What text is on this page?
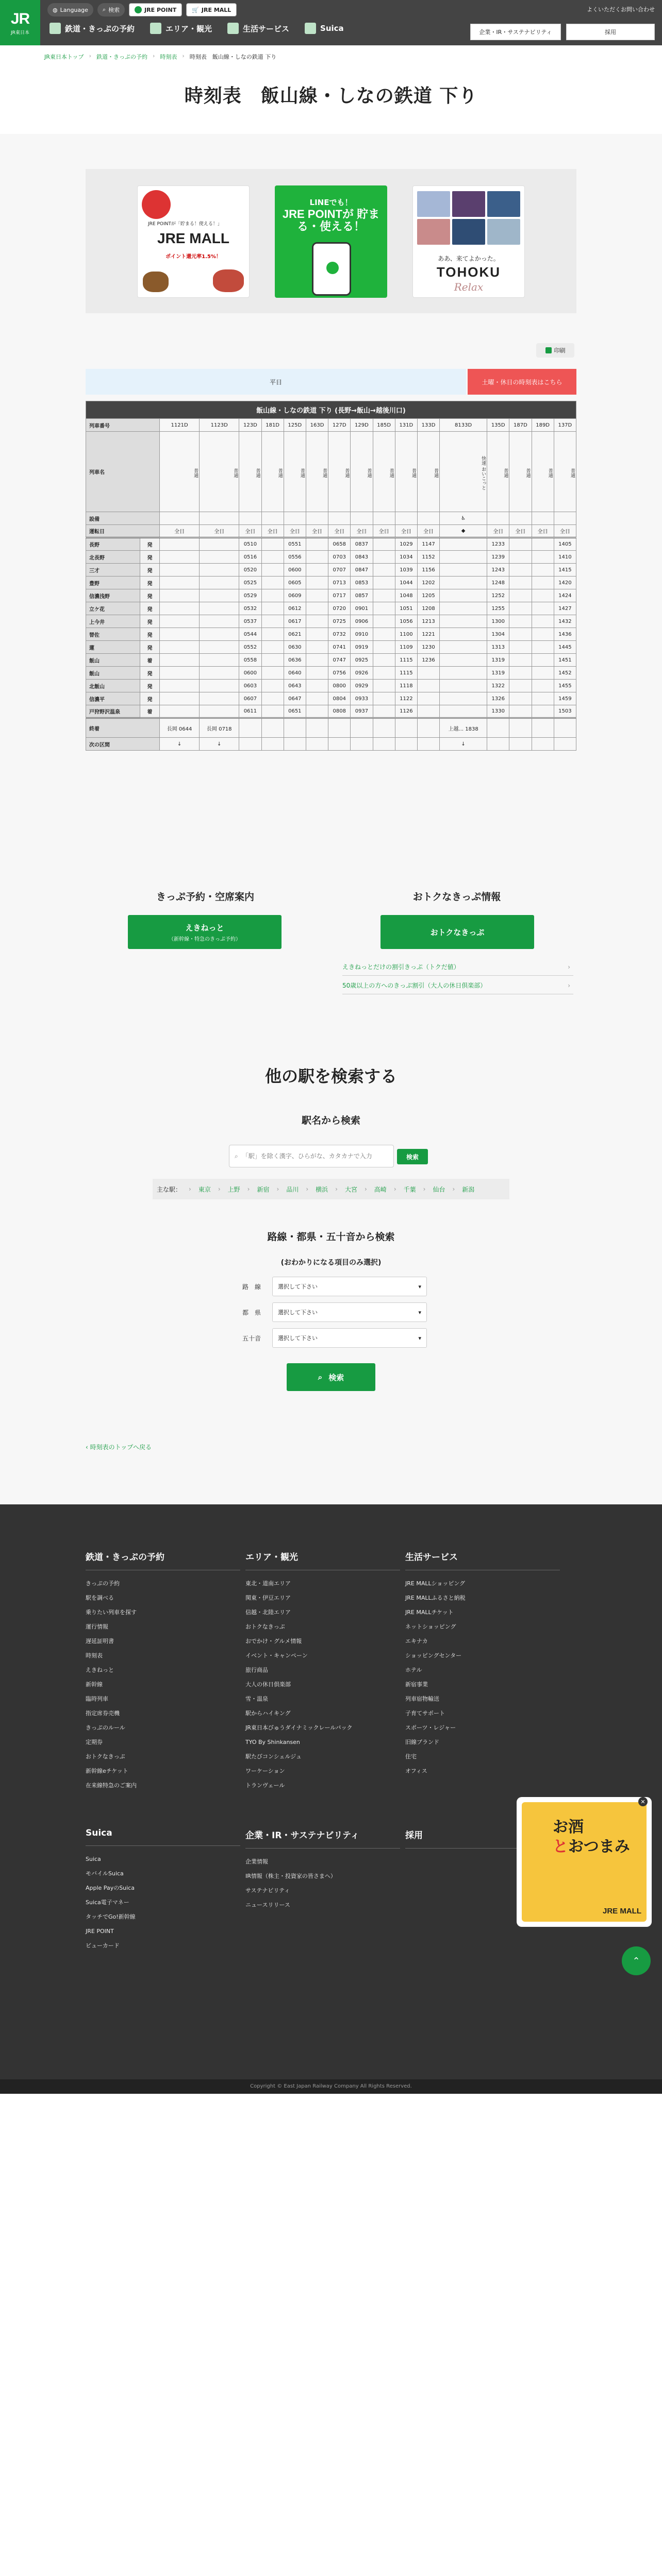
JR
JR東日本
◍ Language	⌕ 検索	JRE POINT	🛒 JRE MALL	よくいただくお問い合わせ
鉄道・きっぷの予約	エリア・観光	生活サービス	Suica	企業・IR・サステナビリティ	採用
JR東日本トップ › 鉄道・きっぷの予約 › 時刻表 › 時刻表　飯山線・しなの鉄道 下り
時刻表　飯山線・しなの鉄道 下り
JRE POINTが「貯まる！使える！」
JRE MALL
ポイント還元率1.5%！
LINEでも！
JRE POINTが 貯まる・使える！
ああ、来てよかった。
TOHOKU
Relax
印刷
平日	土曜・休日の時刻表はこちら
飯山線・しなの鉄道 下り (長野→飯山→越後川口)																	
列車番号		1121D	1123D	123D	181D	125D	163D	127D	129D	185D	131D	133D	8133D	135D	187D	189D	137D
列車名		普通	普通	普通	普通	普通	普通	普通	普通	普通	普通	普通	快速 おいこっと	普通	普通	普通	普通
設備													♿				
運転日		全日	全日	全日	全日	全日	全日	全日	全日	全日	全日	全日	◆	全日	全日	全日	全日
長野	発			0510		0551		0658	0837		1029	1147		1233			1405
北長野	発			0516		0556		0703	0843		1034	1152		1239			1410
三才	発			0520		0600		0707	0847		1039	1156		1243			1415
豊野	発			0525		0605		0713	0853		1044	1202		1248			1420
信濃浅野	発			0529		0609		0717	0857		1048	1205		1252			1424
立ケ花	発			0532		0612		0720	0901		1051	1208		1255			1427
上今井	発			0537		0617		0725	0906		1056	1213		1300			1432
替佐	発			0544		0621		0732	0910		1100	1221		1304			1436
蓮	発			0552		0630		0741	0919		1109	1230		1313			1445
飯山	着			0558		0636		0747	0925		1115	1236		1319			1451
飯山	発			0600		0640		0756	0926		1115			1319			1452
北飯山	発			0603		0643		0800	0929		1118			1322			1455
信濃平	発			0607		0647		0804	0933		1122			1326			1459
戸狩野沢温泉	着			0611		0651		0808	0937		1126			1330			1503
終着		長岡 0644	長岡 0718										上越... 1838				
次の区間		↓	↓										↓				
きっぷ予約・空席案内
えきねっと
（新幹線・特急のきっぷ予約）
おトクなきっぷ情報
おトクなきっぷ
えきねっとだけの割引きっぷ（トクだ値）	›
50歳以上の方へのきっぷ割引（大人の休日倶楽部）	›
他の駅を検索する
駅名から検索
⌕
「駅」を除く漢字、ひらがな、カタカナで入力	検索
主な駅： › 東京 › 上野 › 新宿 › 品川 › 横浜 › 大宮 › 高崎 › 千葉 › 仙台 › 新潟
路線・都県・五十音から検索
(おわかりになる項目のみ選択)
路　線	選択して下さい	▾
都　県	選択して下さい	▾
五十音	選択して下さい	▾
⌕ 検索
‹ 時刻表のトップへ戻る

鉄道・きっぷの予約
きっぷの予約
駅を調べる
乗りたい列車を探す
運行情報
遅延証明書
時刻表
えきねっと
新幹線
臨時列車
指定席券売機
きっぷのルール
定期券
おトクなきっぷ
新幹線eチケット
在来線特急のご案内
エリア・観光
東北・道南エリア
関東・伊豆エリア
信越・北陸エリア
おトクなきっぷ
おでかけ・グルメ情報
イベント・キャンペーン
旅行商品
大人の休日倶楽部
雪・温泉
駅からハイキング
JR東日本びゅうダイナミックレールパック
TYO By Shinkansen
駅たびコンシェルジュ
ワーケーション
トランヴェール
生活サービス
JRE MALLショッピング
JRE MALLふるさと納税
JRE MALLチケット
ネットショッピング
エキナカ
ショッピングセンター
ホテル
新宿事業
列車宿物輸送
子育てサポート
スポーツ・レジャー
旧線ブランド
住宅
オフィス
Suica
Suica
モバイルSuica
Apple PayのSuica
Suica電子マネー
タッチでGo!新幹線
JRE POINT
ビューカード
企業・IR・サステナビリティ
企業情報
IR情報（株主・投資家の皆さまへ）
サステナビリティ
ニュースリリース
採用
Copyright © East Japan Railway Company All Rights Reserved.
お酒
とおつまみ
JRE MALL
✕
⌃
